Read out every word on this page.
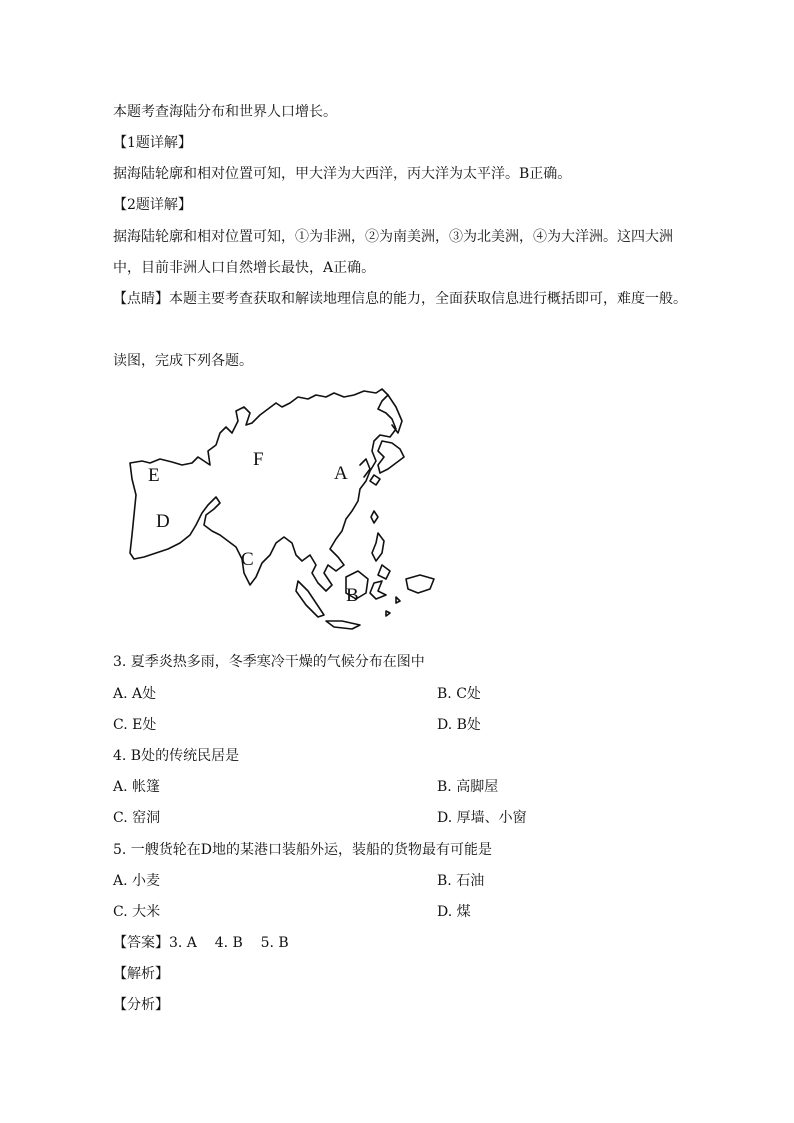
本题考查海陆分布和世界人口增长。
【1题详解】
据海陆轮廓和相对位置可知，甲大洋为大西洋，丙大洋为太平洋。B正确。
【2题详解】
据海陆轮廓和相对位置可知，①为非洲，②为南美洲，③为北美洲，④为大洋洲。这四大洲
中，目前非洲人口自然增长最快，A正确。
【点睛】本题主要考查获取和解读地理信息的能力，全面获取信息进行概括即可，难度一般。
读图，完成下列各题。
A
B
C
D
E
F
3. 夏季炎热多雨，冬季寒冷干燥的气候分布在图中
A. A处	B. C处
C. E处	D. B处
4. B处的传统民居是
A. 帐篷	B. 高脚屋
C. 窑洞	D. 厚墙、小窗
5. 一艘货轮在D地的某港口装船外运，装船的货物最有可能是
A. 小麦	B. 石油
C. 大米	D. 煤
【答案】3. A    4. B    5. B
【解析】
【分析】
